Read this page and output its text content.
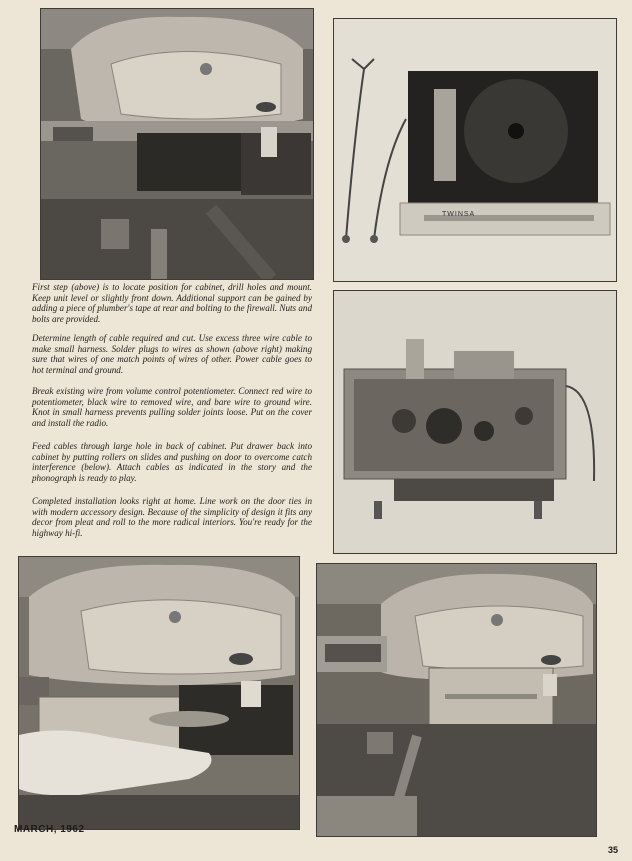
TWINSA

First step (above) is to locate position for cabinet, drill holes and mount. Keep unit level or slightly front down. Additional support can be gained by adding a piece of plumber's tape at rear and bolting to the firewall. Nuts and bolts are provided.

Determine length of cable required and cut. Use excess three wire cable to make small harness. Solder plugs to wires as shown (above right) making sure that wires of one match points of wires of other. Power cable goes to hot terminal and ground.

Break existing wire from volume control potentiometer. Connect red wire to potentiometer, black wire to removed wire, and bare wire to ground wire. Knot in small harness prevents pulling solder joints loose. Put on the cover and install the radio.

Feed cables through large hole in back of cabinet. Put drawer back into cabinet by putting rollers on slides and pushing on door to overcome catch interference (below). Attach cables as indicated in the story and the phonograph is ready to play.

Completed installation looks right at home. Line work on the door ties in with modern accessory design. Because of the simplicity of design it fits any decor from pleat and roll to the more radical interiors. You're ready for the highway hi-fi.

MARCH, 1962
35
